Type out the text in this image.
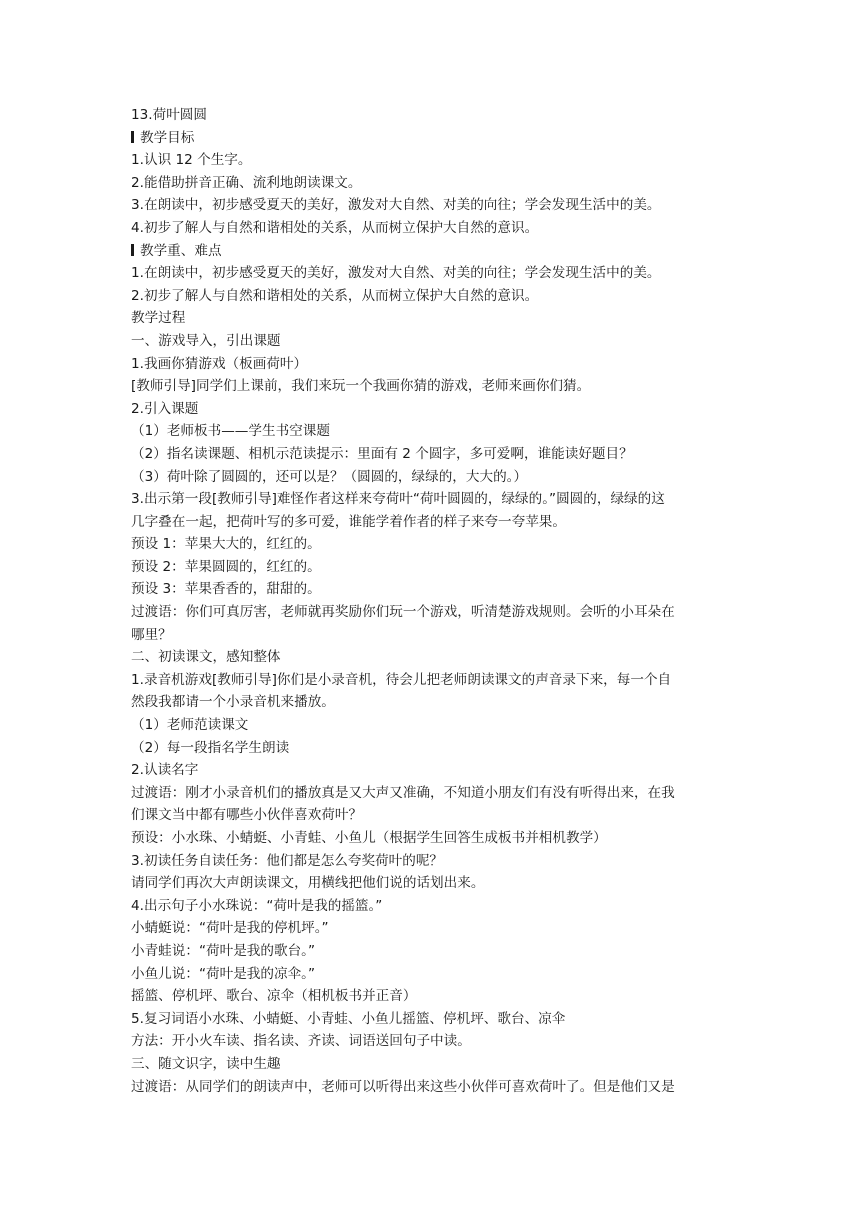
13.荷叶圆圆
教学目标
1.认识 12 个生字。
2.能借助拼音正确、流利地朗读课文。
3.在朗读中，初步感受夏天的美好，激发对大自然、对美的向往；学会发现生活中的美。
4.初步了解人与自然和谐相处的关系，从而树立保护大自然的意识。
教学重、难点
1.在朗读中，初步感受夏天的美好，激发对大自然、对美的向往；学会发现生活中的美。
2.初步了解人与自然和谐相处的关系，从而树立保护大自然的意识。
教学过程
一、游戏导入，引出课题
1.我画你猜游戏（板画荷叶）
[教师引导]同学们上课前，我们来玩一个我画你猜的游戏，老师来画你们猜。
2.引入课题
（1）老师板书——学生书空课题
（2）指名读课题、相机示范读提示：里面有 2 个圆字，多可爱啊，谁能读好题目？
（3）荷叶除了圆圆的，还可以是？（圆圆的，绿绿的，大大的。）
3.出示第一段[教师引导]难怪作者这样来夸荷叶“荷叶圆圆的，绿绿的。”圆圆的，绿绿的这
几字叠在一起，把荷叶写的多可爱，谁能学着作者的样子来夸一夸苹果。
预设 1：苹果大大的，红红的。
预设 2：苹果圆圆的，红红的。
预设 3：苹果香香的，甜甜的。
过渡语：你们可真厉害，老师就再奖励你们玩一个游戏，听清楚游戏规则。会听的小耳朵在
哪里？
二、初读课文，感知整体
1.录音机游戏[教师引导]你们是小录音机，待会儿把老师朗读课文的声音录下来，每一个自
然段我都请一个小录音机来播放。
（1）老师范读课文
（2）每一段指名学生朗读
2.认读名字
过渡语：刚才小录音机们的播放真是又大声又准确，不知道小朋友们有没有听得出来，在我
们课文当中都有哪些小伙伴喜欢荷叶？
预设：小水珠、小蜻蜓、小青蛙、小鱼儿（根据学生回答生成板书并相机教学）
3.初读任务自读任务：他们都是怎么夸奖荷叶的呢？
请同学们再次大声朗读课文，用横线把他们说的话划出来。
4.出示句子小水珠说：“荷叶是我的摇篮。”
小蜻蜓说：“荷叶是我的停机坪。”
小青蛙说：“荷叶是我的歌台。”
小鱼儿说：“荷叶是我的凉伞。”
摇篮、停机坪、歌台、凉伞（相机板书并正音）
5.复习词语小水珠、小蜻蜓、小青蛙、小鱼儿摇篮、停机坪、歌台、凉伞
方法：开小火车读、指名读、齐读、词语送回句子中读。
三、随文识字，读中生趣
过渡语：从同学们的朗读声中，老师可以听得出来这些小伙伴可喜欢荷叶了。但是他们又是
